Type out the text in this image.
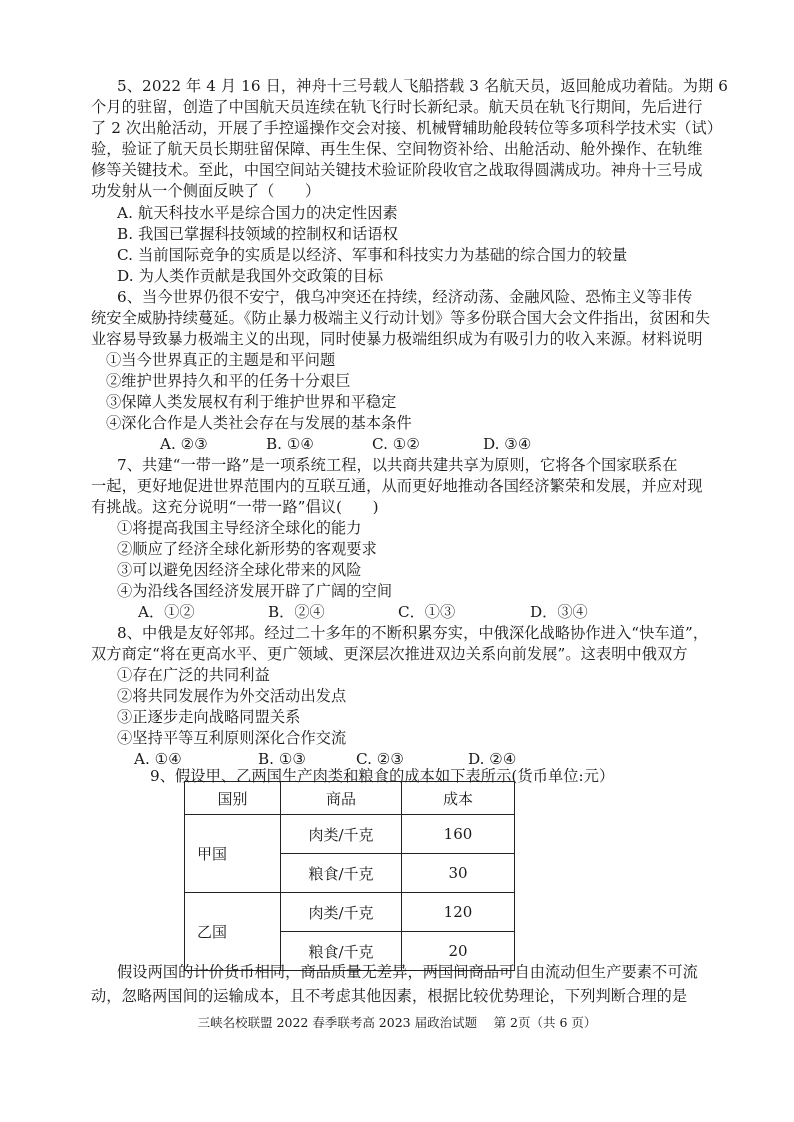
5、2022 年 4 月 16 日，神舟十三号载人飞船搭载 3 名航天员，返回舱成功着陆。为期 6
个月的驻留，创造了中国航天员连续在轨飞行时长新纪录。航天员在轨飞行期间，先后进行
了 2 次出舱活动，开展了手控遥操作交会对接、机械臂辅助舱段转位等多项科学技术实（试）
验，验证了航天员长期驻留保障、再生生保、空间物资补给、出舱活动、舱外操作、在轨维
修等关键技术。至此，中国空间站关键技术验证阶段收官之战取得圆满成功。神舟十三号成
功发射从一个侧面反映了（　　）
A. 航天科技水平是综合国力的决定性因素
B. 我国已掌握科技领域的控制权和话语权
C. 当前国际竞争的实质是以经济、军事和科技实力为基础的综合国力的较量
D. 为人类作贡献是我国外交政策的目标
6、当今世界仍很不安宁，俄乌冲突还在持续，经济动荡、金融风险、恐怖主义等非传
统安全威胁持续蔓延。《防止暴力极端主义行动计划》等多份联合国大会文件指出，贫困和失
业容易导致暴力极端主义的出现，同时使暴力极端组织成为有吸引力的收入来源。材料说明
①当今世界真正的主题是和平问题
②维护世界持久和平的任务十分艰巨
③保障人类发展权有利于维护世界和平稳定
④深化合作是人类社会存在与发展的基本条件
A. ②③	B. ①④	C. ①②	D. ③④
7、共建“一带一路”是一项系统工程，以共商共建共享为原则，它将各个国家联系在
一起，更好地促进世界范围内的互联互通，从而更好地推动各国经济繁荣和发展，并应对现
有挑战。这充分说明“一带一路”倡议(　　)
①将提高我国主导经济全球化的能力
②顺应了经济全球化新形势的客观要求
③可以避免因经济全球化带来的风险
④为沿线各国经济发展开辟了广阔的空间
A．①②	B．②④	C．①③	D．③④
8、中俄是友好邻邦。经过二十多年的不断积累夯实，中俄深化战略协作进入“快车道”，
双方商定“将在更高水平、更广领域、更深层次推进双边关系向前发展”。这表明中俄双方
①存在广泛的共同利益
②将共同发展作为外交活动出发点
③正逐步走向战略同盟关系
④坚持平等互利原则深化合作交流
A. ①④	B. ①③	C. ②③	D. ②④
9、假设甲、乙两国生产肉类和粮食的成本如下表所示(货币单位:元）
国别	商品	成本
甲国	肉类/千克	160
	粮食/千克	30
乙国	肉类/千克	120
	粮食/千克	20
假设两国的计价货币相同，商品质量无差异，两国间商品可自由流动但生产要素不可流
动，忽略两国间的运输成本，且不考虑其他因素，根据比较优势理论，下列判断合理的是
三峡名校联盟 2022 春季联考高 2023 届政治试题　 第 2页（共 6 页）
